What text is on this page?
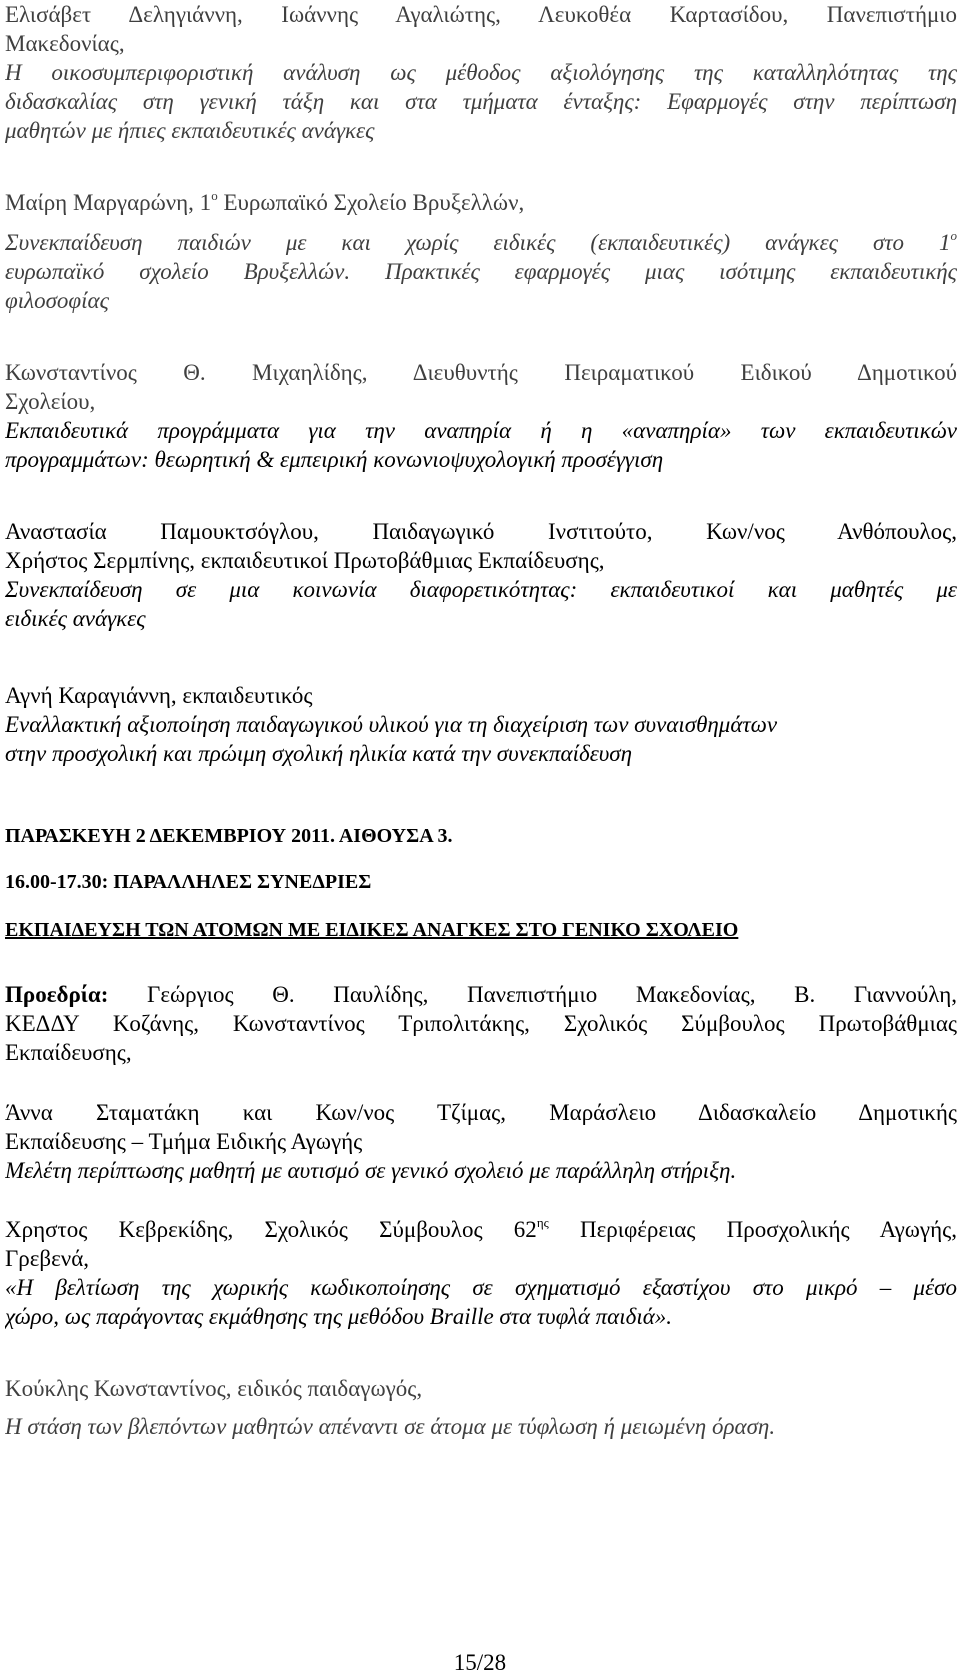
Ελισάβετ Δεληγιάννη, Ιωάννης Αγαλιώτης, Λευκοθέα Καρτασίδου, Πανεπιστήμιο
Μακεδονίας,
Η οικοσυμπεριφοριστική ανάλυση ως μέθοδος αξιολόγησης της καταλληλότητας της
διδασκαλίας στη γενική τάξη και στα τμήματα ένταξης: Εφαρμογές στην περίπτωση
μαθητών με ήπιες εκπαιδευτικές ανάγκες
Μαίρη Μαργαρώνη, $1^o$ Ευρωπαϊκό Σχολείο Βρυξελλών,
Συνεκπαίδευση παιδιών με και χωρίς ειδικές (εκπαιδευτικές) ανάγκες στο $1^o$
ευρωπαϊκό σχολείο Βρυξελλών. Πρακτικές εφαρμογές μιας ισότιμης εκπαιδευτικής
φιλοσοφίας
Κωνσταντίνος Θ. Μιχαηλίδης, Διευθυντής Πειραματικού Ειδικού Δημοτικού
Σχολείου,
Εκπαιδευτικά προγράμματα για την αναπηρία ή η «αναπηρία» των εκπαιδευτικών
προγραμμάτων: θεωρητική & εμπειρική κονωνιοψυχολογική προσέγγιση
Αναστασία Παμουκτσόγλου, Παιδαγωγικό Ινστιτούτο, Κων/νος Ανθόπουλος,
Χρήστος Σερμπίνης, εκπαιδευτικοί Πρωτοβάθμιας Εκπαίδευσης,
Συνεκπαίδευση σε μια κοινωνία διαφορετικότητας: εκπαιδευτικοί και μαθητές με
ειδικές ανάγκες
Αγνή Καραγιάννη, εκπαιδευτικός
Εναλλακτική αξιοποίηση παιδαγωγικού υλικού για τη διαχείριση των συναισθημάτων
στην προσχολική και πρώιμη σχολική ηλικία κατά την συνεκπαίδευση
ΠΑΡΑΣΚΕΥΗ 2 ΔΕΚΕΜΒΡΙΟΥ 2011. ΑΙΘΟΥΣΑ 3.
16.00-17.30: ΠΑΡΑΛΛΗΛΕΣ ΣΥΝΕΔΡΙΕΣ
ΕΚΠΑΙΔΕΥΣΗ ΤΩΝ ΑΤΟΜΩΝ ΜΕ ΕΙΔΙΚΕΣ ΑΝΑΓΚΕΣ ΣΤΟ ΓΕΝΙΚΟ ΣΧΟΛΕΙΟ
Προεδρία: Γεώργιος Θ. Παυλίδης, Πανεπιστήμιο Μακεδονίας, Β. Γιαννούλη,
ΚΕΔΔΥ Κοζάνης, Κωνσταντίνος Τριπολιτάκης, Σχολικός Σύμβουλος Πρωτοβάθμιας
Εκπαίδευσης,
Άννα Σταματάκη και Κων/νος Τζίμας, Μαράσλειο Διδασκαλείο Δημοτικής
Εκπαίδευσης – Τμήμα Ειδικής Αγωγής
Μελέτη περίπτωσης μαθητή με αυτισμό σε γενικό σχολειό με παράλληλη στήριξη.
Χρηστος Κεβρεκίδης, Σχολικός Σύμβουλος $62^{\eta\varsigma}$ Περιφέρειας Προσχολικής Αγωγής,
Γρεβενά,
«Η βελτίωση της χωρικής κωδικοποίησης σε σχηματισμό εξαστίχου στο μικρό – μέσο
χώρο, ως παράγοντας εκμάθησης της μεθόδου Braille στα τυφλά παιδιά».
Κούκλης Κωνσταντίνος, ειδικός παιδαγωγός,
Η στάση των βλεπόντων μαθητών απέναντι σε άτομα με τύφλωση ή μειωμένη όραση.
15/28
